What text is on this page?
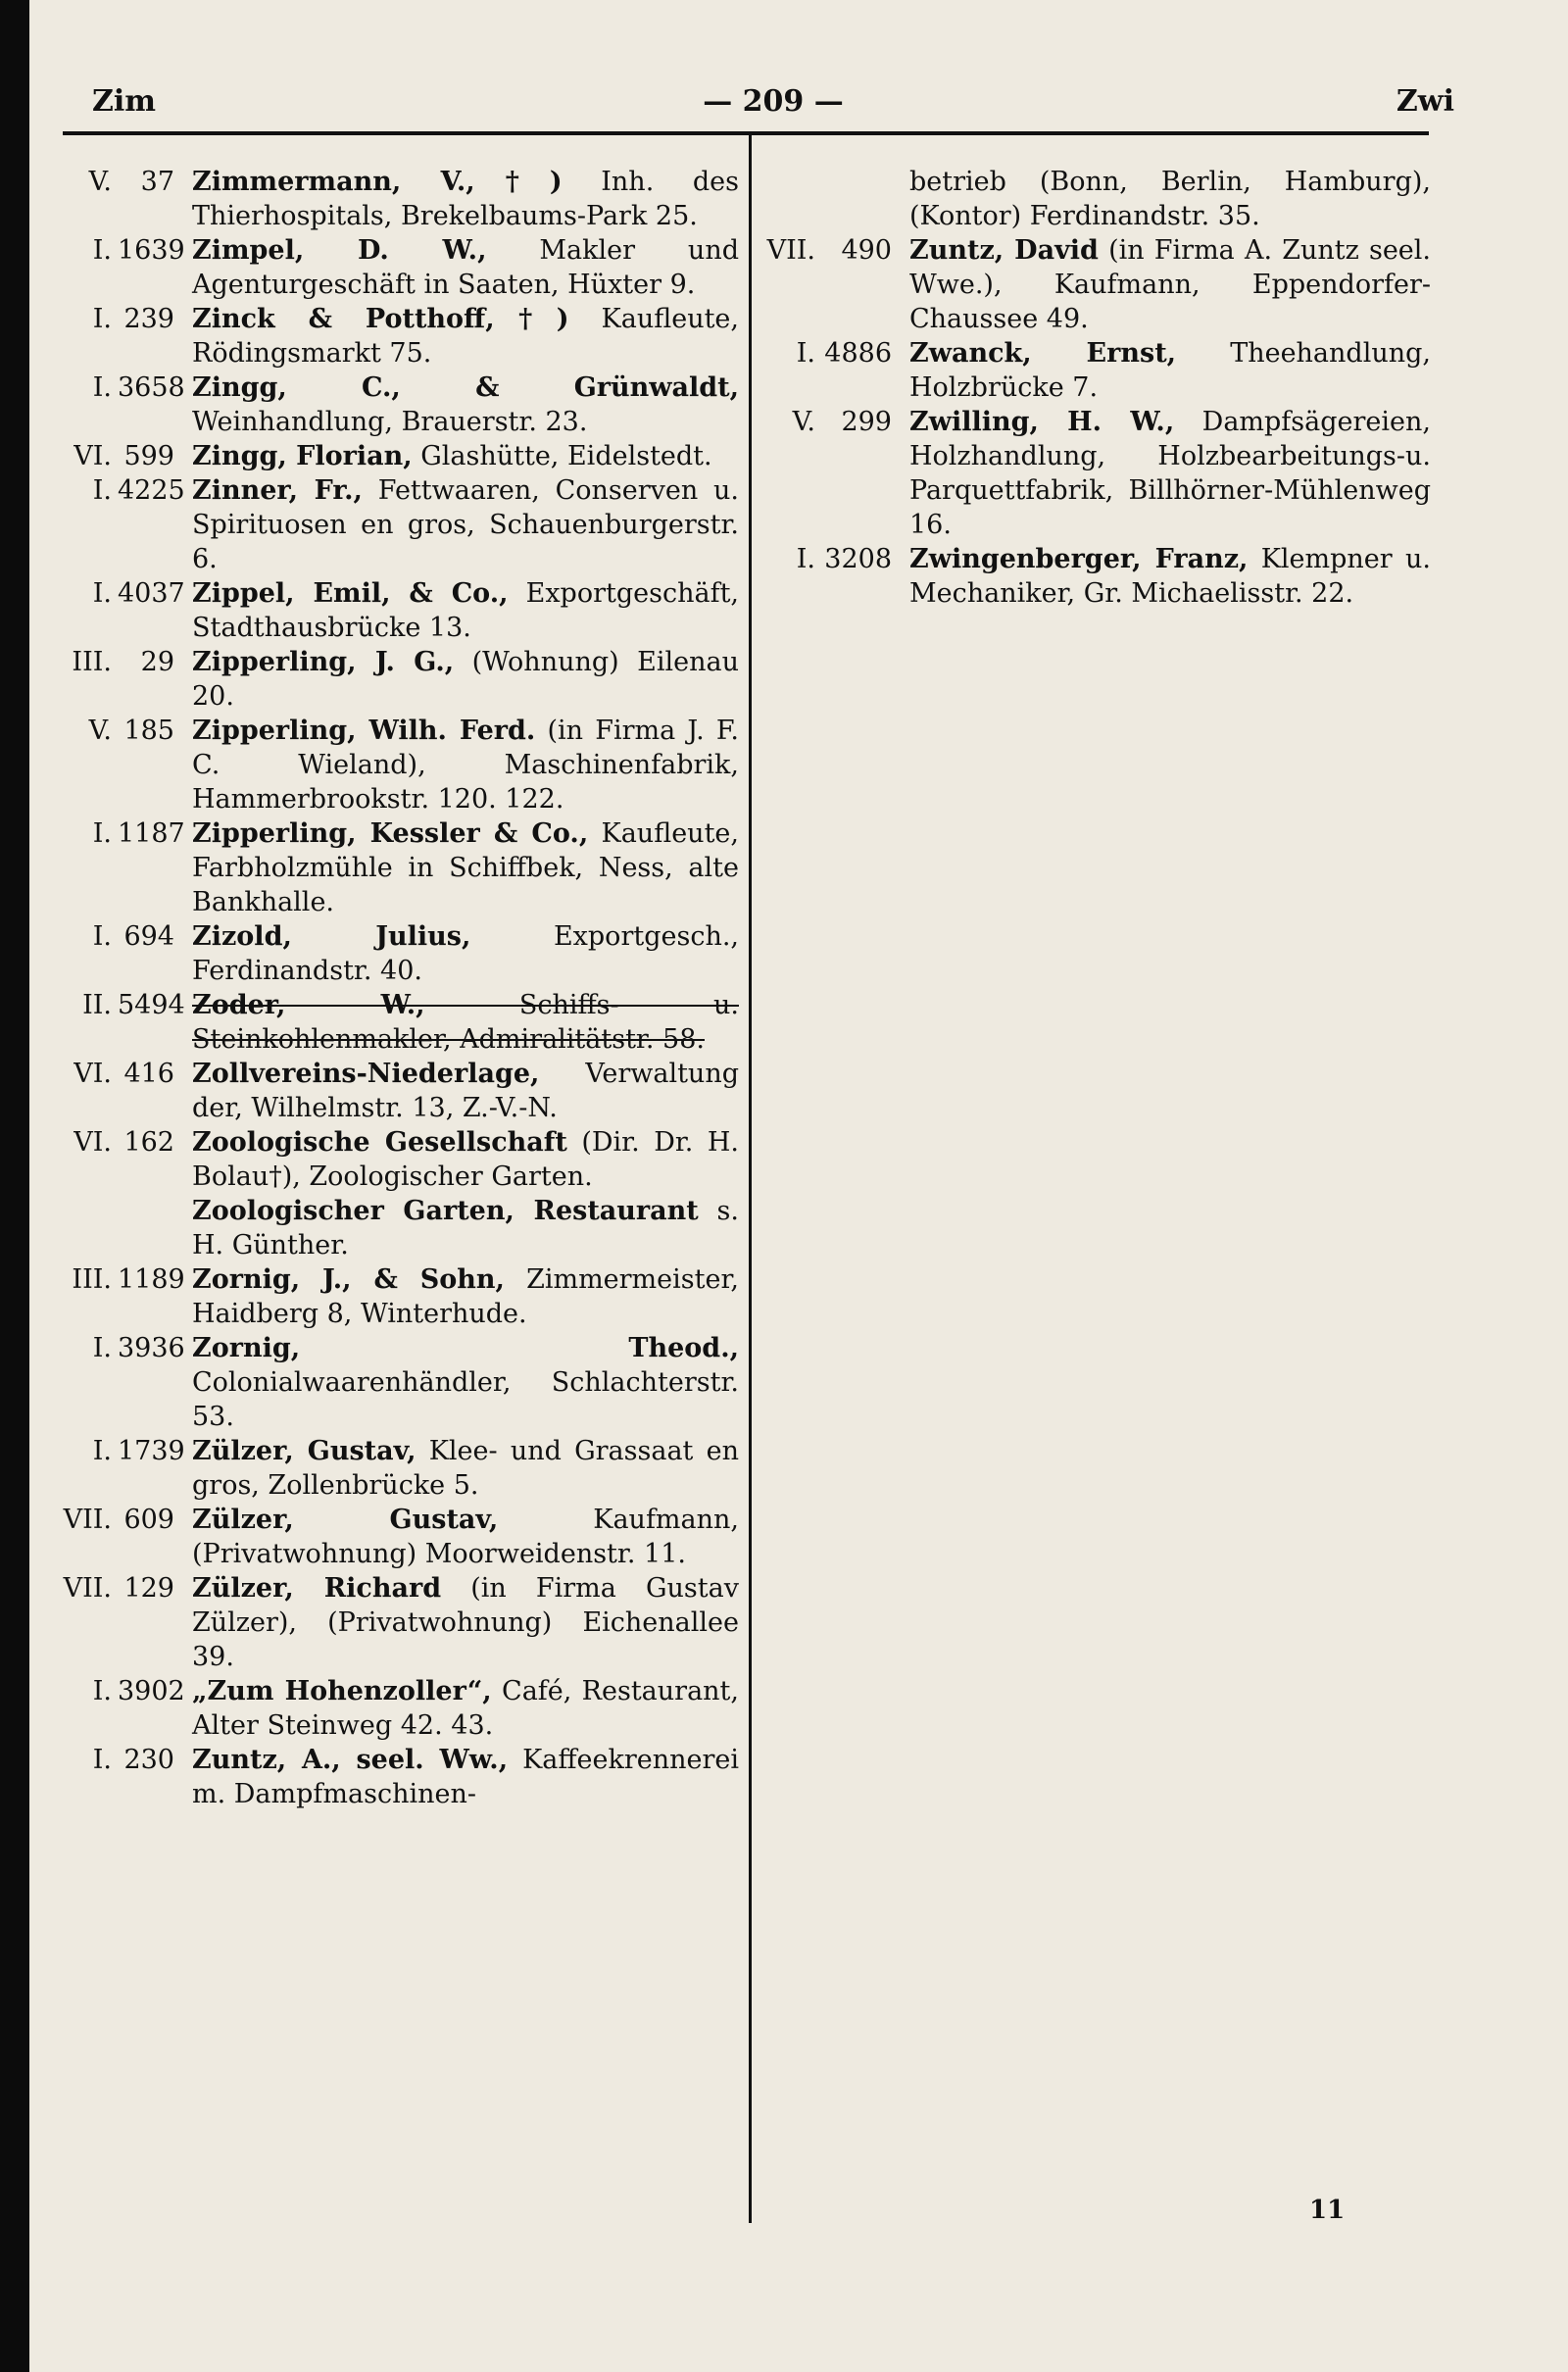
Zim	— 209 —	Zwi
V.	37 Zimmermann, V.,†) Inh. des Thierhospitals, Brekelbaums-Park 25.
I. 1639 Zimpel, D. W., Makler und Agenturgeschäft in Saaten, Hüxter 9.
I. 239 Zinck & Potthoff,†) Kaufleute, Rödingsmarkt 75.
I. 3658 Zingg, C., & Grünwaldt, Weinhandlung, Brauerstr. 23.
VI. 599 Zingg, Florian, Glashütte, Eidelstedt.
I. 4225 Zinner, Fr., Fettwaaren, Conserven u. Spirituosen en gros, Schauenburgerstr. 6.
I. 4037 Zippel, Emil, & Co., Exportgeschäft, Stadthausbrücke 13.
III.	29 Zipperling, J. G., (Wohnung) Eilenau 20.
V. 185 Zipperling, Wilh. Ferd. (in Firma J. F. C. Wieland), Maschinenfabrik, Hammerbrookstr. 120. 122.
I. 1187 Zipperling, Kessler & Co., Kaufleute, Farbholzmühle in Schiffbek, Ness, alte Bankhalle.
I. 694 Zizold, Julius, Exportgesch., Ferdinandstr. 40.
II. 5494 Zoder, W., Schiffs- u. Steinkohlenmakler, Admiralitätstr. 58.
VI. 416 Zollvereins-Niederlage, Verwaltung der, Wilhelmstr. 13, Z.-V.-N.
VI. 162 Zoologische Gesellschaft (Dir. Dr. H. Bolau†), Zoologischer Garten.
Zoologischer Garten, Restaurant s. H. Günther.
III. 1189 Zornig, J., & Sohn, Zimmermeister, Haidberg 8, Winterhude.
I. 3936 Zornig, Theod., Colonialwaarenhändler, Schlachterstr. 53.
I. 1739 Zülzer, Gustav, Klee- und Grassaat en gros, Zollenbrücke 5.
VII. 609 Zülzer, Gustav, Kaufmann, (Privatwohnung) Moorweidenstr. 11.
VII. 129 Zülzer, Richard (in Firma Gustav Zülzer), (Privatwohnung) Eichenallee 39.
I. 3902 „Zum Hohenzoller“, Café, Restaurant, Alter Steinweg 42. 43.
I. 230 Zuntz, A., seel. Ww., Kaffeekrennerei m. Dampfmaschinen-
betrieb (Bonn, Berlin, Hamburg), (Kontor) Ferdinandstr. 35.
VII. 490 Zuntz, David (in Firma A. Zuntz seel. Wwe.), Kaufmann, Eppendorfer-Chaussee 49.
I. 4886 Zwanck, Ernst, Theehandlung, Holzbrücke 7.
V. 299 Zwilling, H. W., Dampfsägereien, Holzhandlung, Holzbearbeitungs-u. Parquettfabrik, Billhörner-Mühlenweg 16.
I. 3208 Zwingenberger, Franz, Klempner u. Mechaniker, Gr. Michaelisstr. 22.
11
